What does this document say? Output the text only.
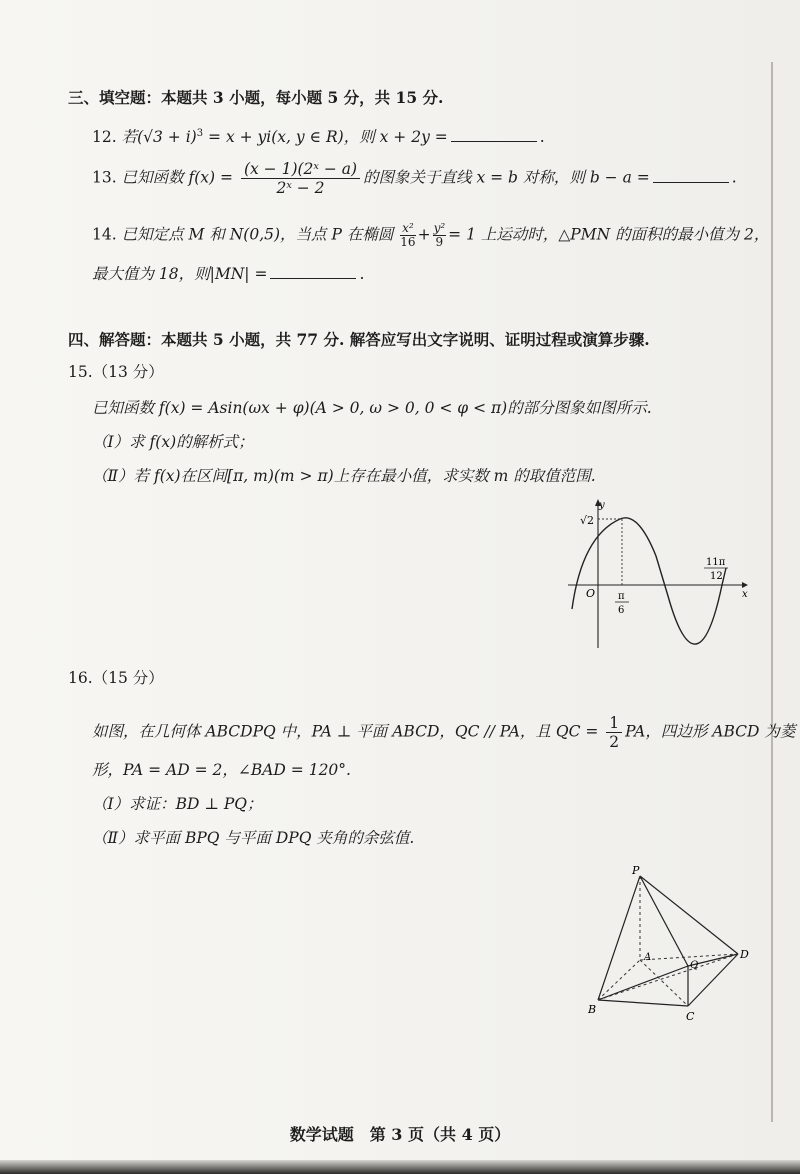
三、填空题：本题共 3 小题，每小题 5 分，共 15 分.
12. 若$(√3 + i)^3 = x + yi(x$, y ∈ R)，则 x + 2y =	.
13. 已知函数 $f(x) = \frac{\text{(x − 1)(2ˣ − a)}}{\text{2ˣ − 2}}$ 的图象关于直线 x = b 对称，则 b − a =	.
14. 已知定点 M 和 N(0,5)，当点 P 在椭圆 $\frac{\text{x²}}{16} + \frac{\text{y²}}{9} = 1$ 上运动时，△PMN 的面积的最小值为 2，
最大值为 18，则|MN| =	.
四、解答题：本题共 5 小题，共 77 分. 解答应写出文字说明、证明过程或演算步骤.
15.（13 分）
已知函数 f(x) = Asin(ωx + φ)(A > 0, ω > 0, 0 < φ < π)的部分图象如图所示.
（Ⅰ）求 f(x)的解析式；
（Ⅱ）若 f(x)在区间[π, m)(m > π)上存在最小值，求实数 m 的取值范围.
y
x
O
√2
π
6
11π
12
16.（15 分）
如图，在几何体 ABCDPQ 中，PA ⊥ 平面 ABCD，QC // PA，且 QC = $\frac{1}{2}$ PA，四边形 ABCD 为菱
形，PA = AD = 2，∠BAD = 120°.
（Ⅰ）求证：BD ⊥ PQ；
（Ⅱ）求平面 BPQ 与平面 DPQ 夹角的余弦值.
P
A
B
C
D
Q
数学试题　第 3 页（共 4 页）
